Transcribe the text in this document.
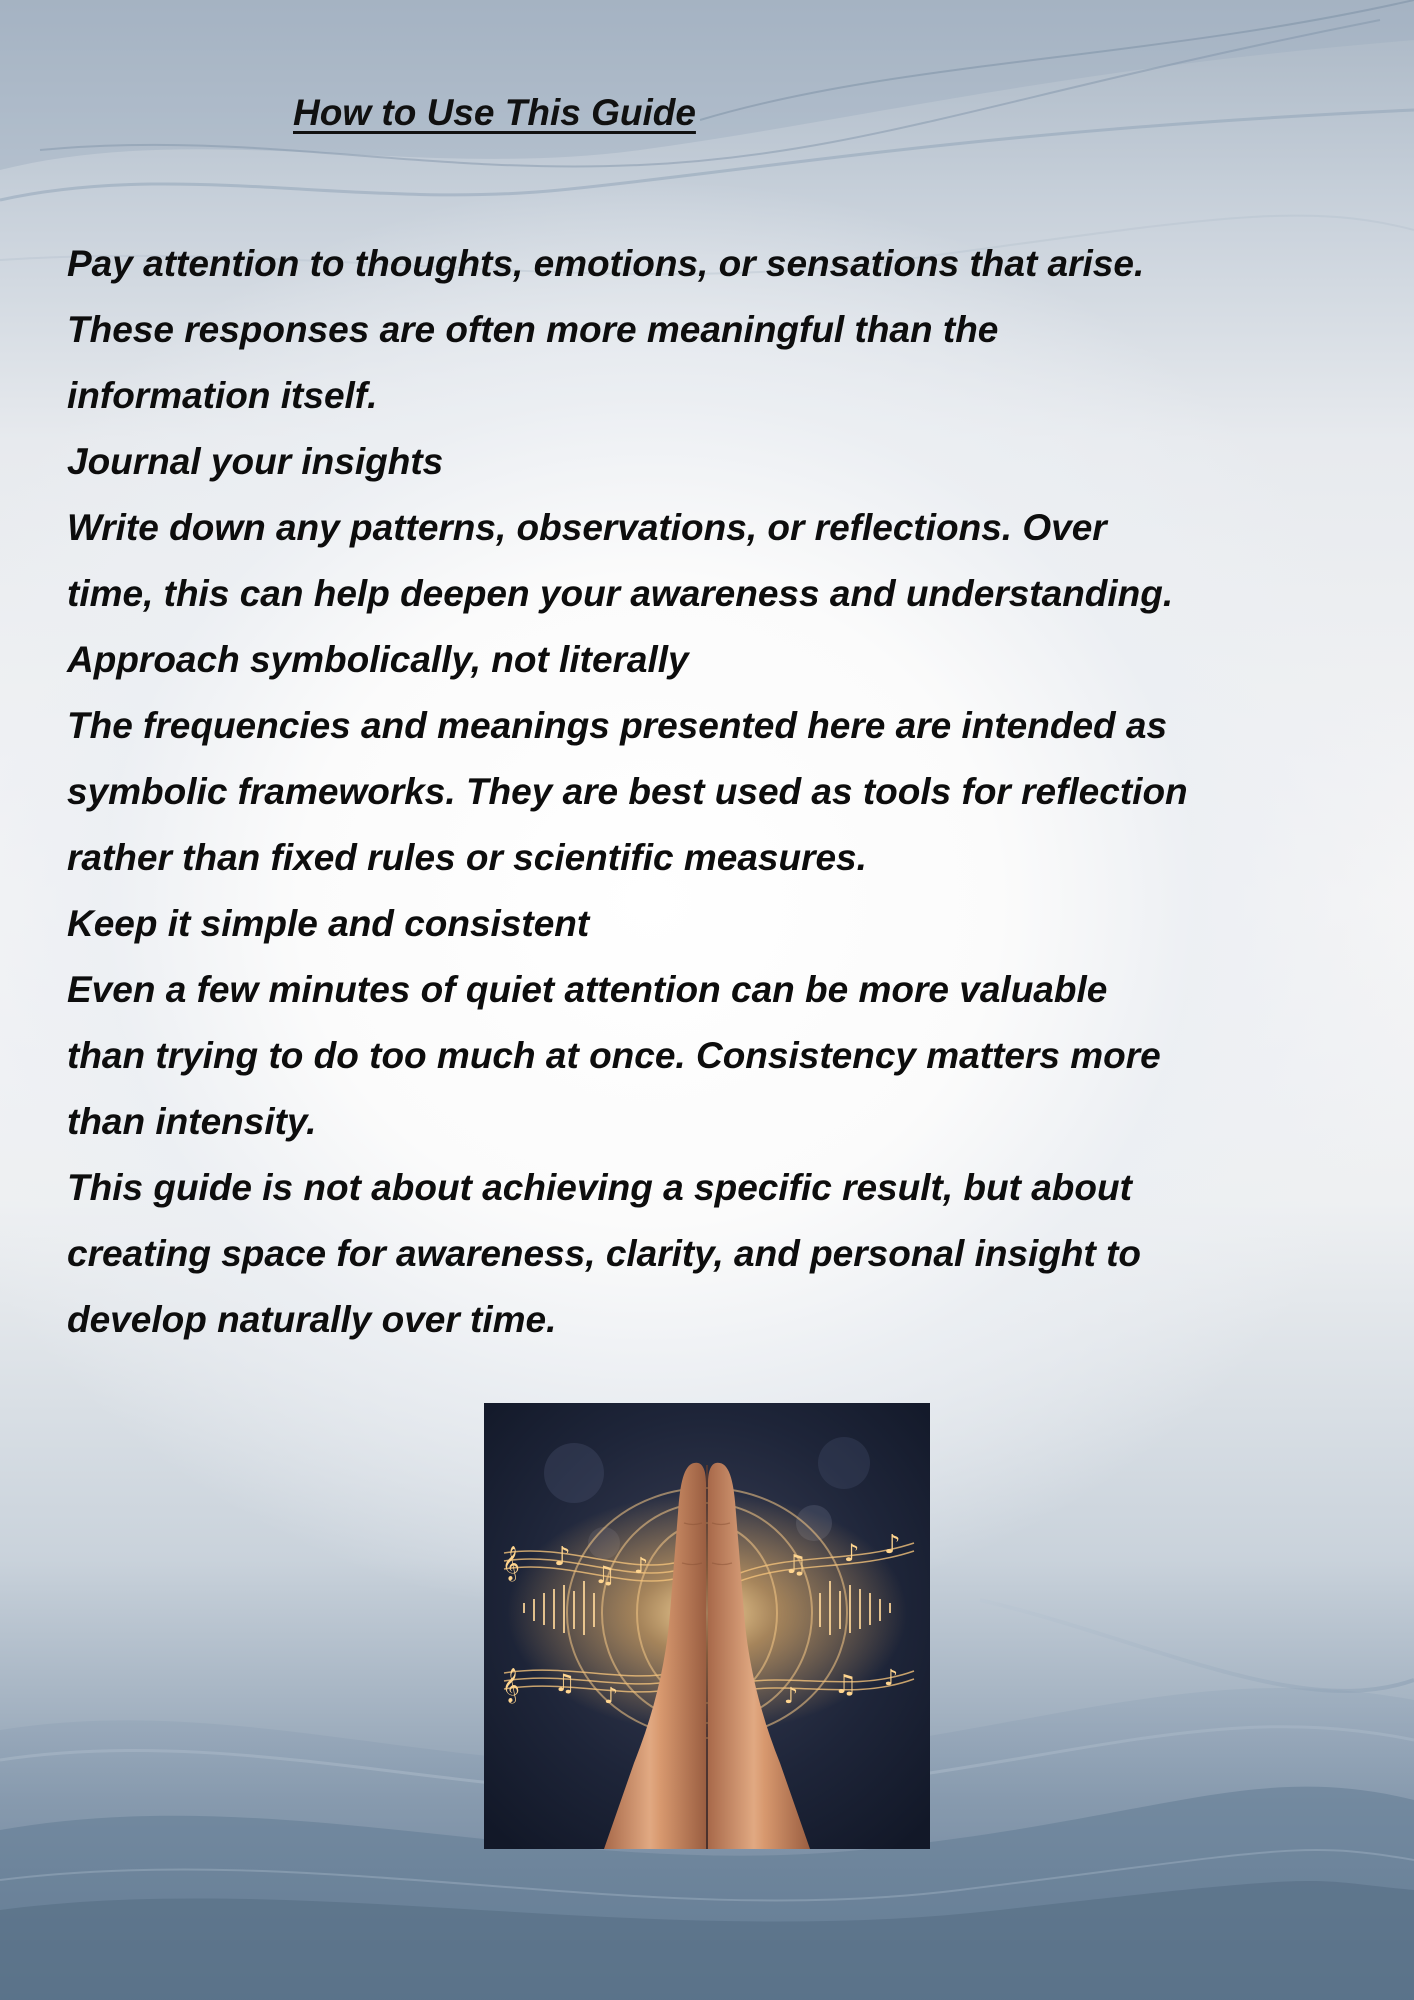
How to Use This Guide
Pay attention to thoughts, emotions, or sensations that arise.
These responses are often more meaningful than the
information itself.
Journal your insights
Write down any patterns, observations, or reflections. Over
time, this can help deepen your awareness and understanding.
Approach symbolically, not literally
The frequencies and meanings presented here are intended as
symbolic frameworks. They are best used as tools for reflection
rather than fixed rules or scientific measures.
Keep it simple and consistent
Even a few minutes of quiet attention can be more valuable
than trying to do too much at once. Consistency matters more
than intensity.
This guide is not about achieving a specific result, but about
creating space for awareness, clarity, and personal insight to
develop naturally over time.
𝄞
𝄞
♪
♫ ♪
♫ ♪
♫ ♪ ♪
♪ ♫ ♪
